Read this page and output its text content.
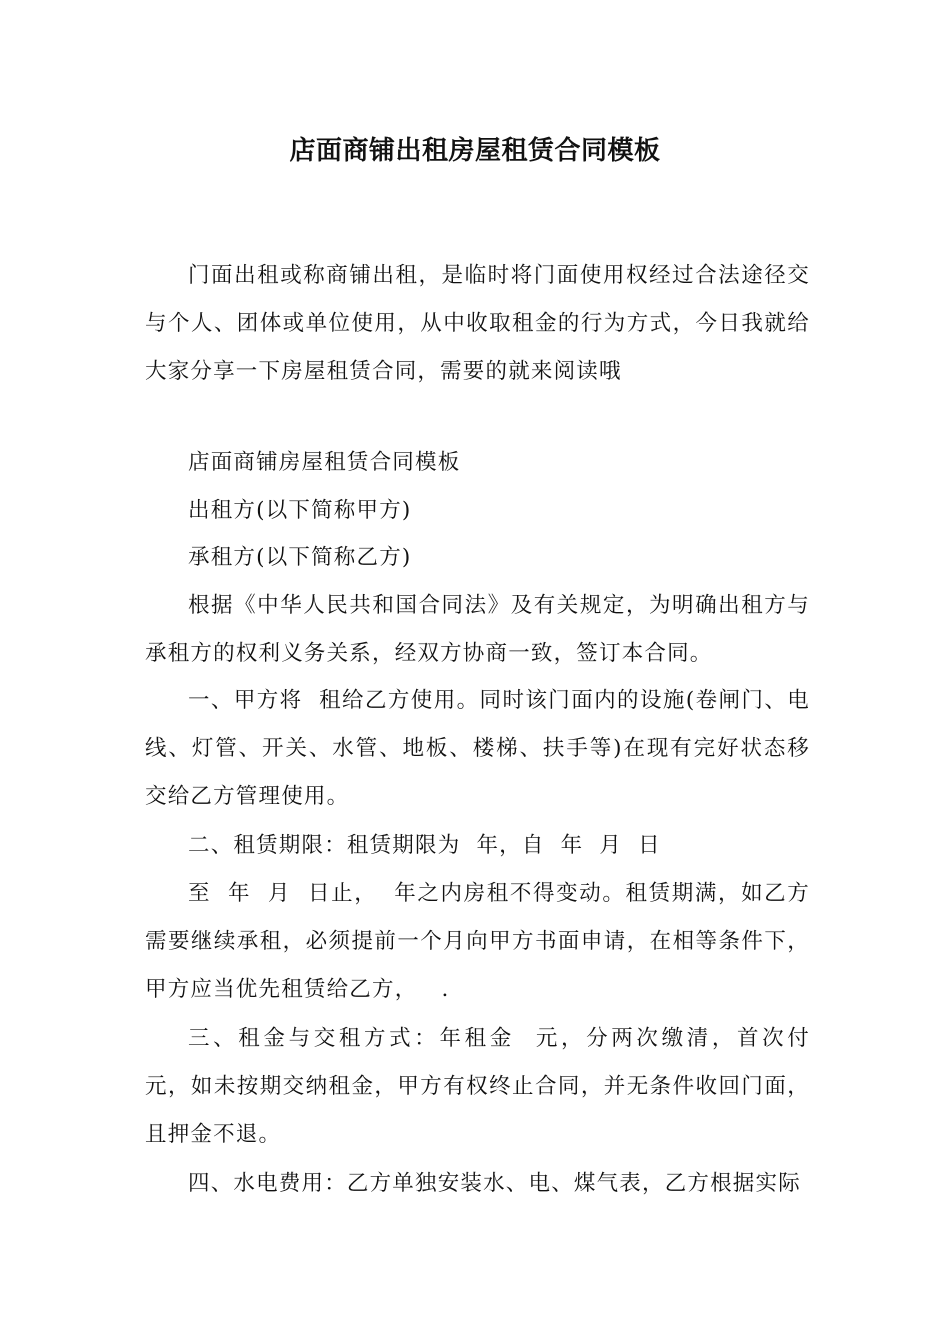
店面商铺出租房屋租赁合同模板

门面出租或称商铺出租，是临时将门面使用权经过合法途径交与个人、团体或单位使用，从中收取租金的行为方式，今日我就给大家分享一下房屋租赁合同，需要的就来阅读哦

店面商铺房屋租赁合同模板

出租方(以下简称甲方)

承租方(以下简称乙方)

根据《中华人民共和国合同法》及有关规定，为明确出租方与承租方的权利义务关系，经双方协商一致，签订本合同。

一、甲方将  租给乙方使用。同时该门面内的设施(卷闸门、电线、灯管、开关、水管、地板、楼梯、扶手等)在现有完好状态移交给乙方管理使用。

二、租赁期限：租赁期限为  年，自  年  月  日

至  年  月  日止，  年之内房租不得变动。租赁期满，如乙方需要继续承租，必须提前一个月向甲方书面申请，在相等条件下，甲方应当优先租赁给乙方，   .

三、租金与交租方式：年租金  元，分两次缴清，首次付  元，如未按期交纳租金，甲方有权终止合同，并无条件收回门面，且押金不退。

四、水电费用：乙方单独安装水、电、煤气表，乙方根据实际
